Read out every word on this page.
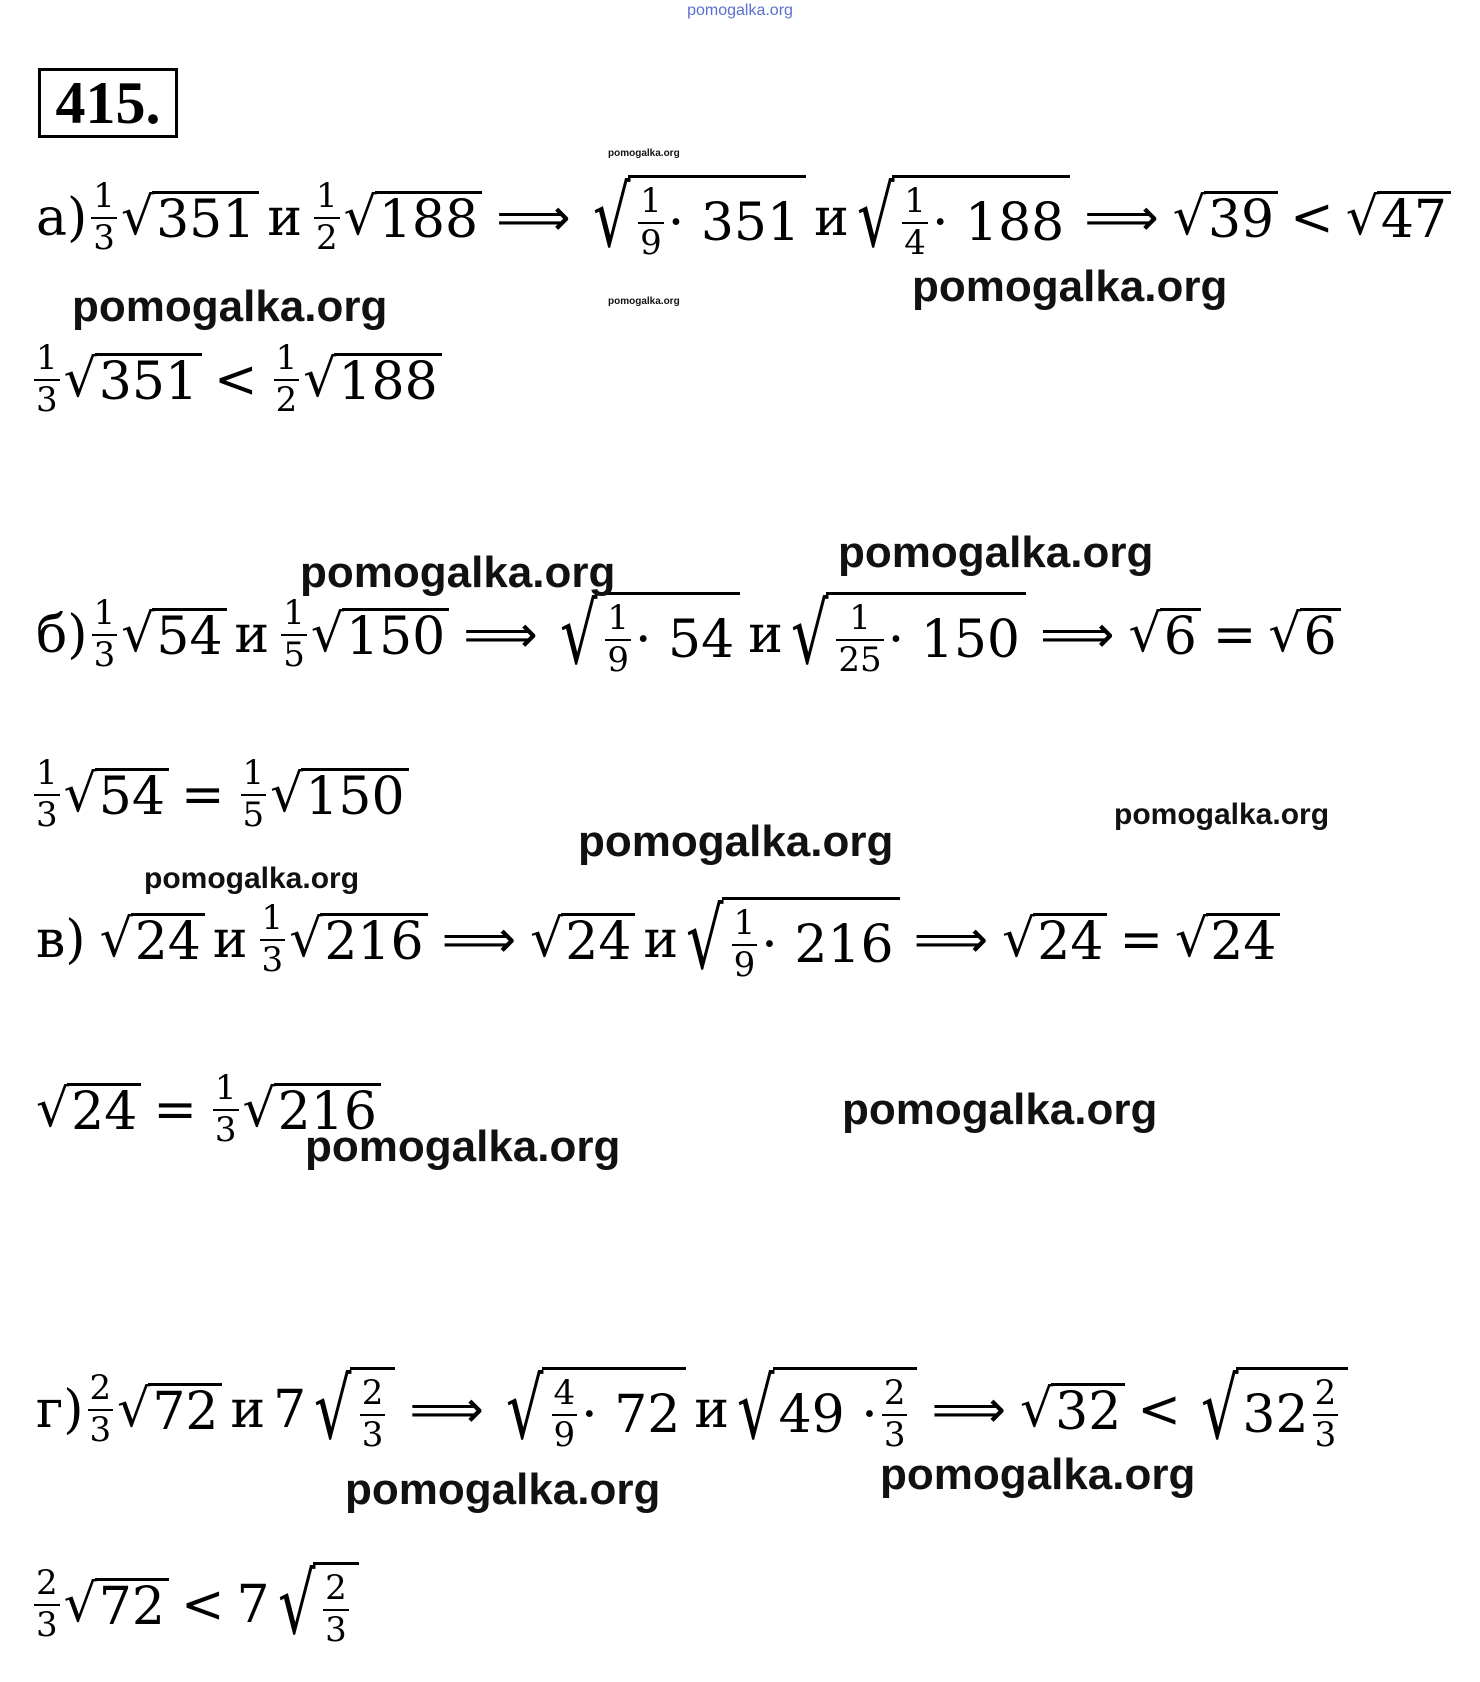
pomogalka.org
415.
$а) \frac{1}{3}$ √ 351 и $\frac{1}{2}$ √ 188 ⟹ √ $\frac{1}{9} \cdot 351$ и √ $\frac{1}{4} \cdot 188$ ⟹ √ 39 < √ 47
$\frac{1}{3}$ √ $351 < \frac{1}{2}$ √ 188
$б) \frac{1}{3}$ √ 54 и $\frac{1}{5}$ √ 150 ⟹ √ $\frac{1}{9} \cdot 54$ и √ $\frac{1}{25} \cdot 150$ ⟹ √ 6 = √ 6
$\frac{1}{3}$ √ $54 = \frac{1}{5}$ √ 150
в) √ 24 и $\frac{1}{3}$ √ 216 ⟹ √ 24 и √ $\frac{1}{9} \cdot 216$ ⟹ √ 24 = √ 24
√ $24 = \frac{1}{3}$ √ 216
$г) \frac{2}{3}$ √ 72 и 7 √ $\frac{2}{3}$ ⟹ √ $\frac{4}{9} \cdot 72$ и √ $49 \cdot \frac{2}{3}$ ⟹ √ 32 < √ $32 \frac{2}{3}$
$\frac{2}{3}$ √ 72 < 7 √ $\frac{2}{3}$
pomogalka.org
pomogalka.org
pomogalka.org	pomogalka.org
pomogalka.org	pomogalka.org
pomogalka.org
pomogalka.org
pomogalka.org
pomogalka.org
pomogalka.org
pomogalka.org	pomogalka.org
